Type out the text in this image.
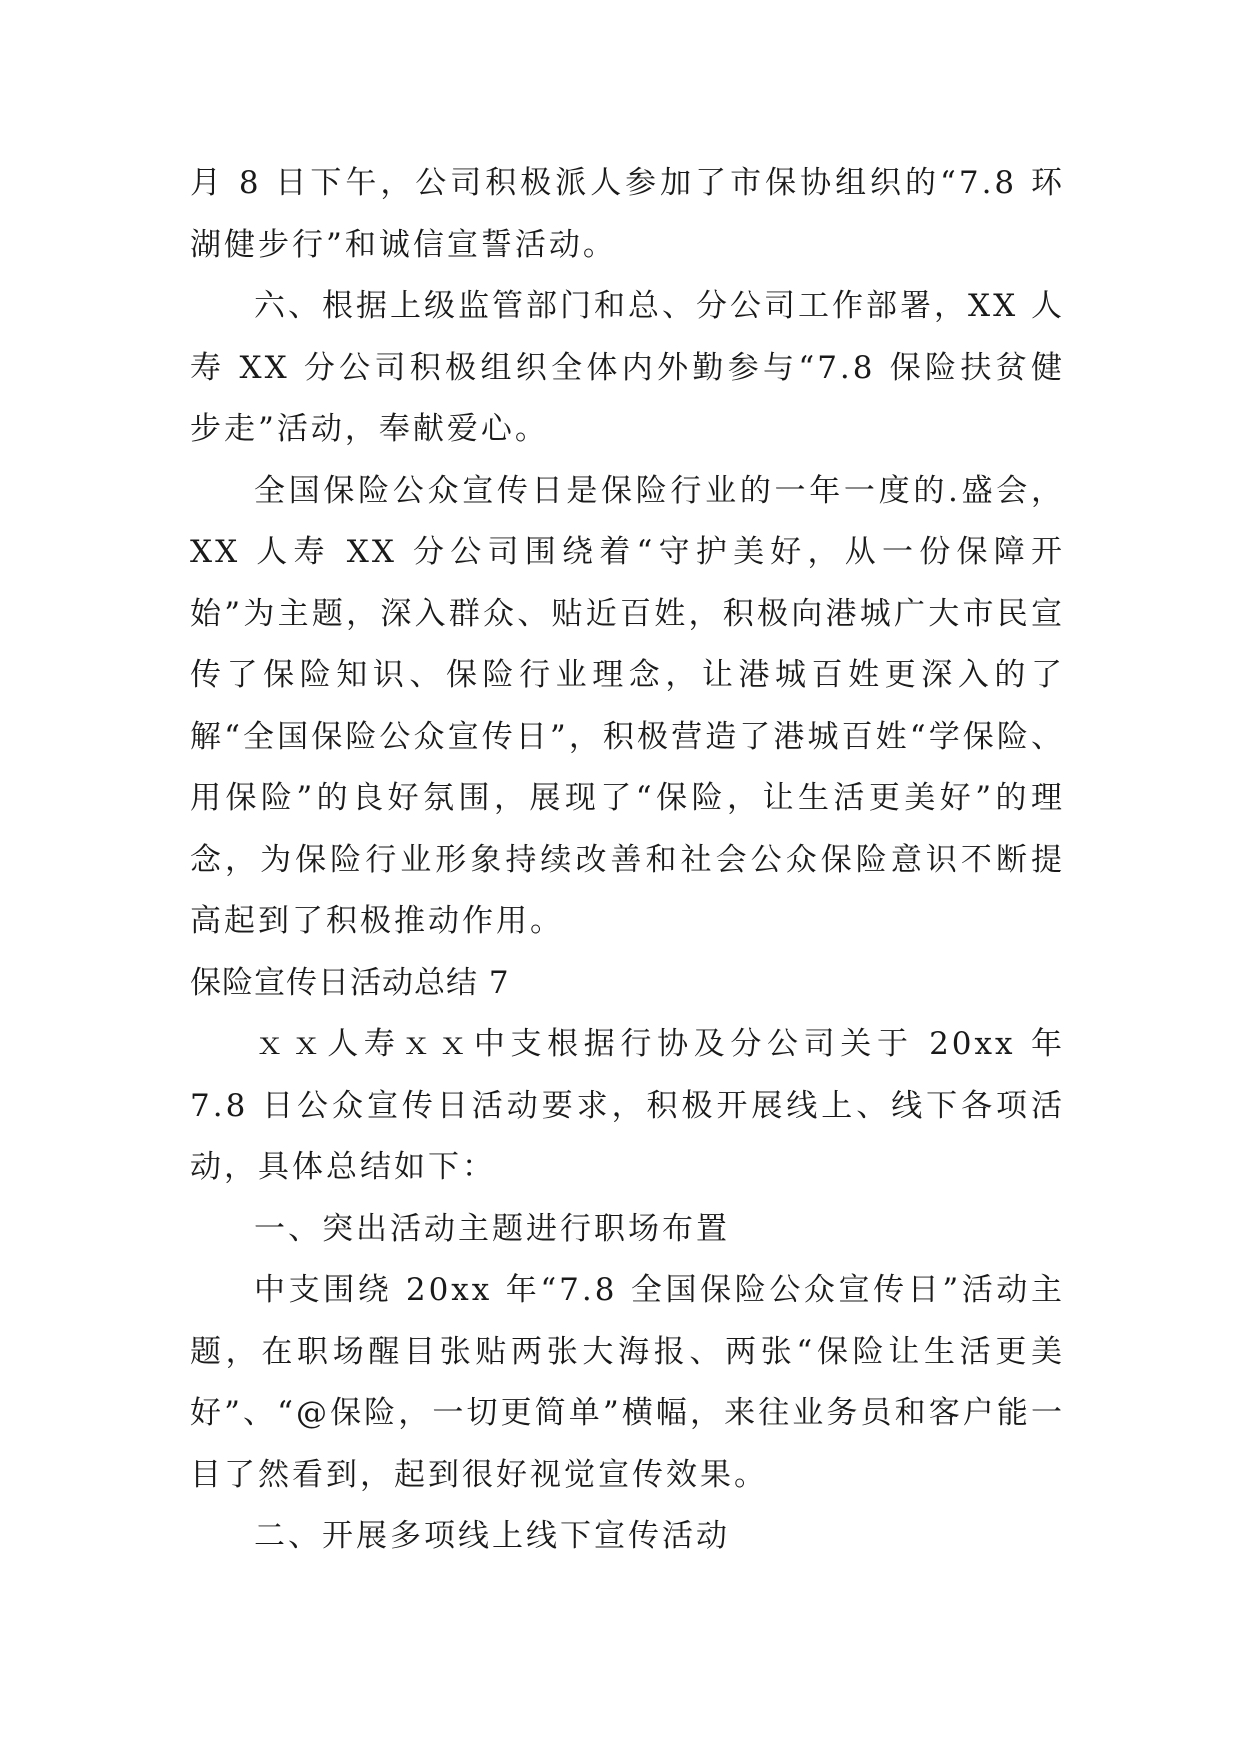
月 8 日下午，公司积极派人参加了市保协组织的“7.8 环湖健步行”和诚信宣誓活动。

六、根据上级监管部门和总、分公司工作部署，XX 人寿 XX 分公司积极组织全体内外勤参与“7.8 保险扶贫健步走”活动，奉献爱心。

全国保险公众宣传日是保险行业的一年一度的.盛会，XX 人寿 XX 分公司围绕着“守护美好，从一份保障开始”为主题，深入群众、贴近百姓，积极向港城广大市民宣传了保险知识、保险行业理念，让港城百姓更深入的了解“全国保险公众宣传日”，积极营造了港城百姓“学保险、用保险”的良好氛围，展现了“保险，让生活更美好”的理念，为保险行业形象持续改善和社会公众保险意识不断提高起到了积极推动作用。

保险宣传日活动总结 7

ｘｘ人寿ｘｘ中支根据行协及分公司关于 20xx 年 7.8 日公众宣传日活动要求，积极开展线上、线下各项活动，具体总结如下：

一、突出活动主题进行职场布置

中支围绕 20xx 年“7.8 全国保险公众宣传日”活动主题，在职场醒目张贴两张大海报、两张“保险让生活更美好”、“@保险，一切更简单”横幅，来往业务员和客户能一目了然看到，起到很好视觉宣传效果。

二、开展多项线上线下宣传活动
